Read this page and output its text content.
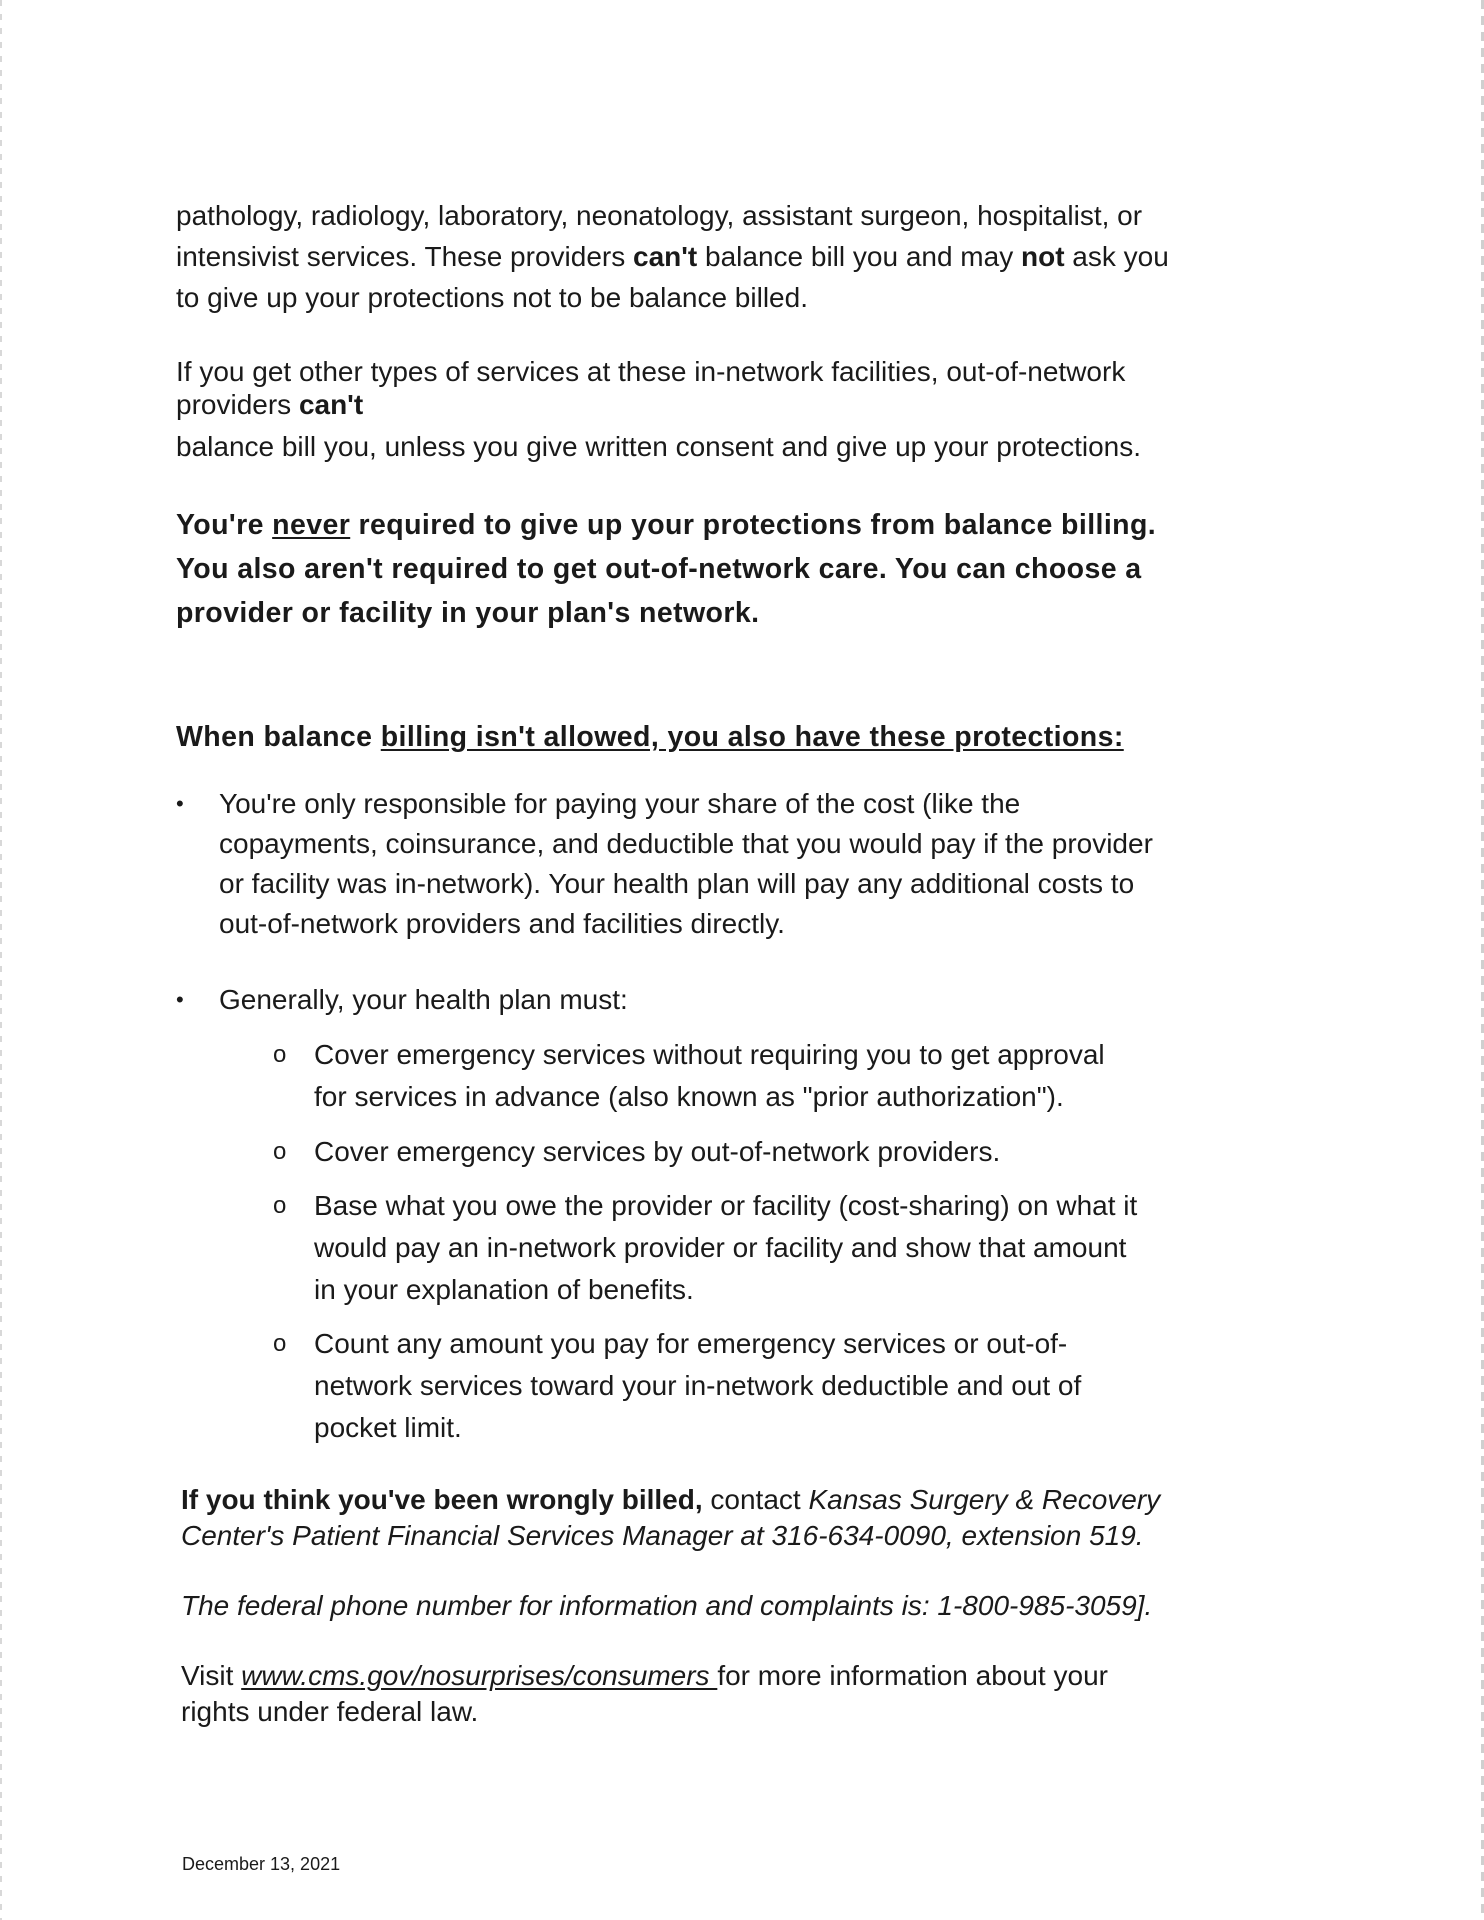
pathology, radiology, laboratory, neonatology, assistant surgeon, hospitalist, or
intensivist services. These providers can't balance bill you and may not ask you
to give up your protections not to be balance billed.
If you get other types of services at these in-network facilities, out-of-network
providers can't
balance bill you, unless you give written consent and give up your protections.
You're never required to give up your protections from balance billing.
You also aren't required to get out-of-network care. You can choose a
provider or facility in your plan's network.
When balance billing isn't allowed, you also have these protections:
• You're only responsible for paying your share of the cost (like the
copayments, coinsurance, and deductible that you would pay if the provider
or facility was in-network). Your health plan will pay any additional costs to
out-of-network providers and facilities directly.
• Generally, your health plan must:
o Cover emergency services without requiring you to get approval
for services in advance (also known as "prior authorization").
o Cover emergency services by out-of-network providers.
o Base what you owe the provider or facility (cost-sharing) on what it
would pay an in-network provider or facility and show that amount
in your explanation of benefits.
o Count any amount you pay for emergency services or out-of-
network services toward your in-network deductible and out of
pocket limit.
If you think you've been wrongly billed, contact Kansas Surgery & Recovery
Center's Patient Financial Services Manager at 316-634-0090, extension 519.
The federal phone number for information and complaints is: 1-800-985-3059].
Visit www.cms.gov/nosurprises/consumers for more information about your
rights under federal law.
December 13, 2021
